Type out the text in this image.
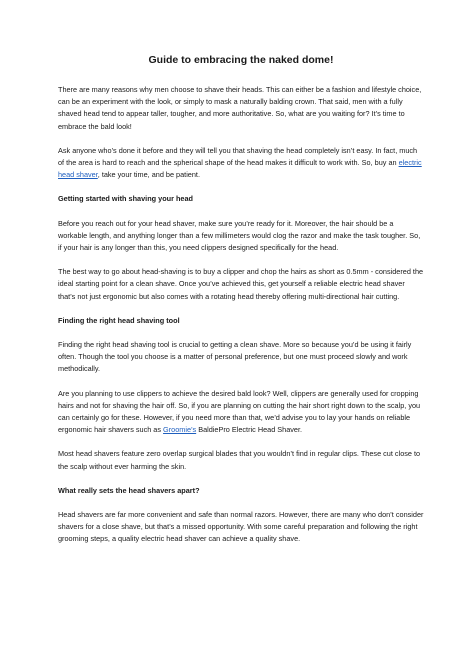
Guide to embracing the naked dome!

There are many reasons why men choose to shave their heads. This can either be a fashion and lifestyle choice, can be an experiment with the look, or simply to mask a naturally balding crown. That said, men with a fully shaved head tend to appear taller, tougher, and more authoritative. So, what are you waiting for? It’s time to embrace the bald look!

Ask anyone who’s done it before and they will tell you that shaving the head completely isn’t easy. In fact, much of the area is hard to reach and the spherical shape of the head makes it difficult to work with. So, buy an electric head shaver, take your time, and be patient.

Getting started with shaving your head

Before you reach out for your head shaver, make sure you’re ready for it. Moreover, the hair should be a workable length, and anything longer than a few millimeters would clog the razor and make the task tougher. So, if your hair is any longer than this, you need clippers designed specifically for the head.

The best way to go about head-shaving is to buy a clipper and chop the hairs as short as 0.5mm - considered the ideal starting point for a clean shave. Once you’ve achieved this, get yourself a reliable electric head shaver that’s not just ergonomic but also comes with a rotating head thereby offering multi-directional hair cutting.

Finding the right head shaving tool

Finding the right head shaving tool is crucial to getting a clean shave. More so because you’d be using it fairly often. Though the tool you choose is a matter of personal preference, but one must proceed slowly and work methodically.

Are you planning to use clippers to achieve the desired bald look? Well, clippers are generally used for cropping hairs and not for shaving the hair off. So, if you are planning on cutting the hair short right down to the scalp, you can certainly go for these. However, if you need more than that, we’d advise you to lay your hands on reliable ergonomic hair shavers such as Groomie’s BaldiePro Electric Head Shaver.

Most head shavers feature zero overlap surgical blades that you wouldn’t find in regular clips. These cut close to the scalp without ever harming the skin.

What really sets the head shavers apart?

Head shavers are far more convenient and safe than normal razors. However, there are many who don’t consider shavers for a close shave, but that’s a missed opportunity. With some careful preparation and following the right grooming steps, a quality electric head shaver can achieve a quality shave.
